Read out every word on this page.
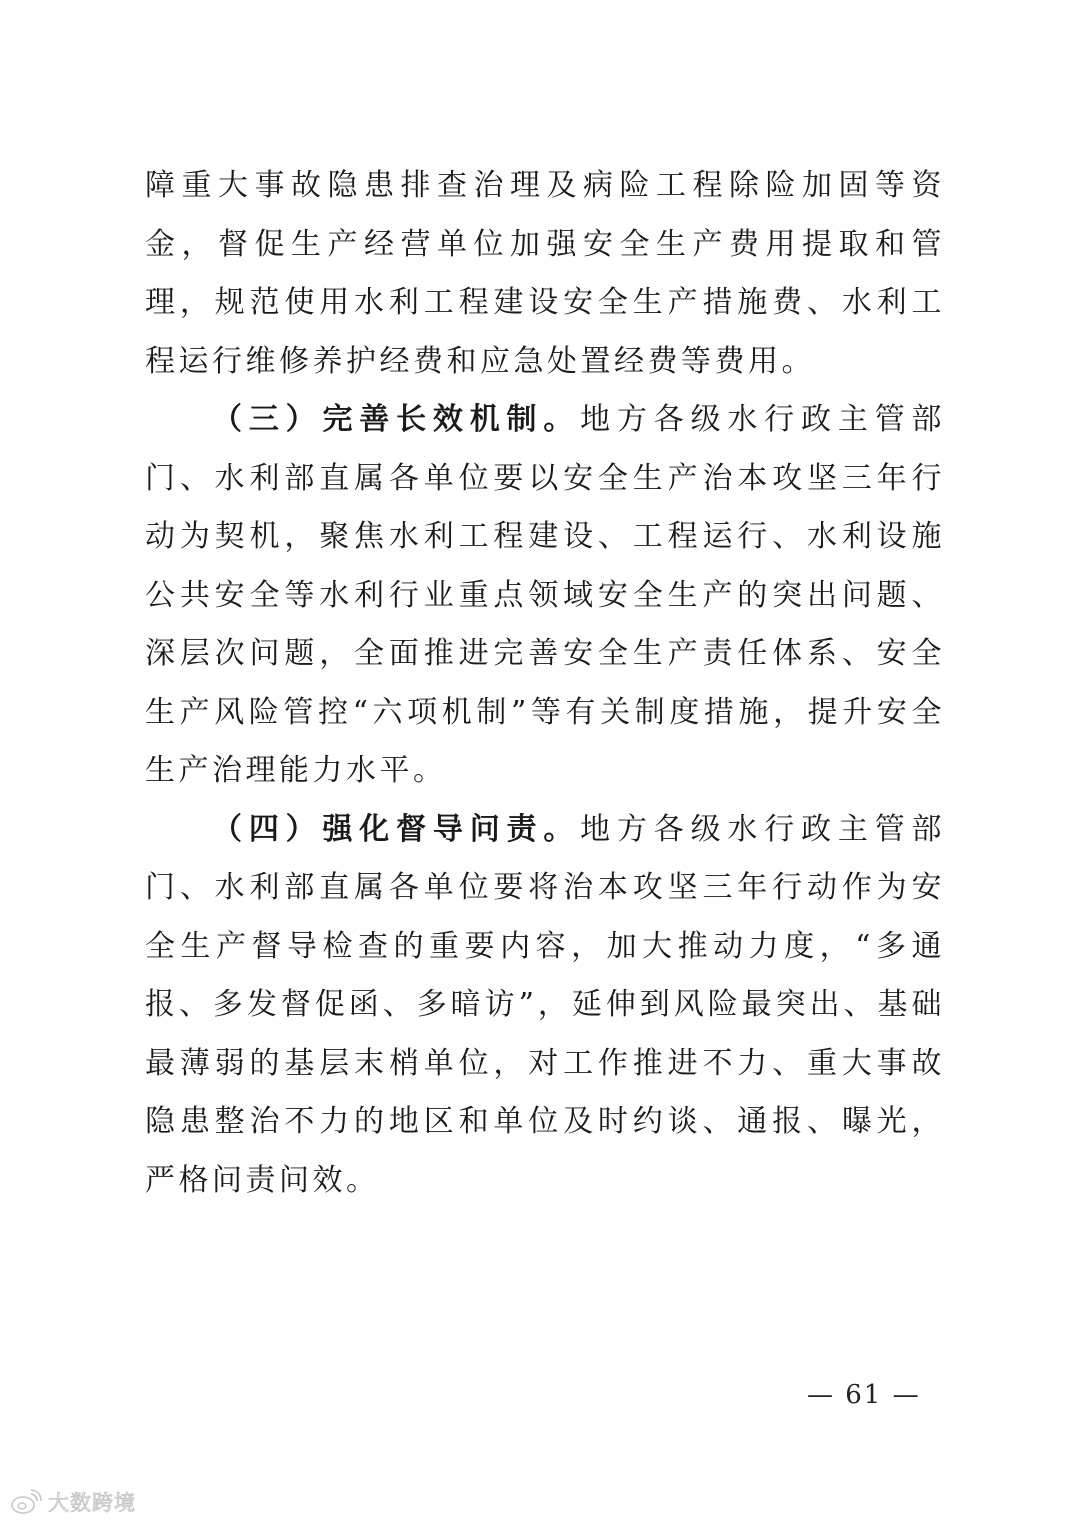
障重大事故隐患排查治理及病险工程除险加固等资金，督促生产经营单位加强安全生产费用提取和管理，规范使用水利工程建设安全生产措施费、水利工程运行维修养护经费和应急处置经费等费用。

（三）完善长效机制。地方各级水行政主管部门、水利部直属各单位要以安全生产治本攻坚三年行动为契机，聚焦水利工程建设、工程运行、水利设施公共安全等水利行业重点领域安全生产的突出问题、深层次问题，全面推进完善安全生产责任体系、安全生产风险管控“六项机制”等有关制度措施，提升安全生产治理能力水平。

（四）强化督导问责。地方各级水行政主管部门、水利部直属各单位要将治本攻坚三年行动作为安全生产督导检查的重要内容，加大推动力度，“多通报、多发督促函、多暗访”，延伸到风险最突出、基础最薄弱的基层末梢单位，对工作推进不力、重大事故隐患整治不力的地区和单位及时约谈、通报、曝光，严格问责问效。

— 61 —
大数跨境
